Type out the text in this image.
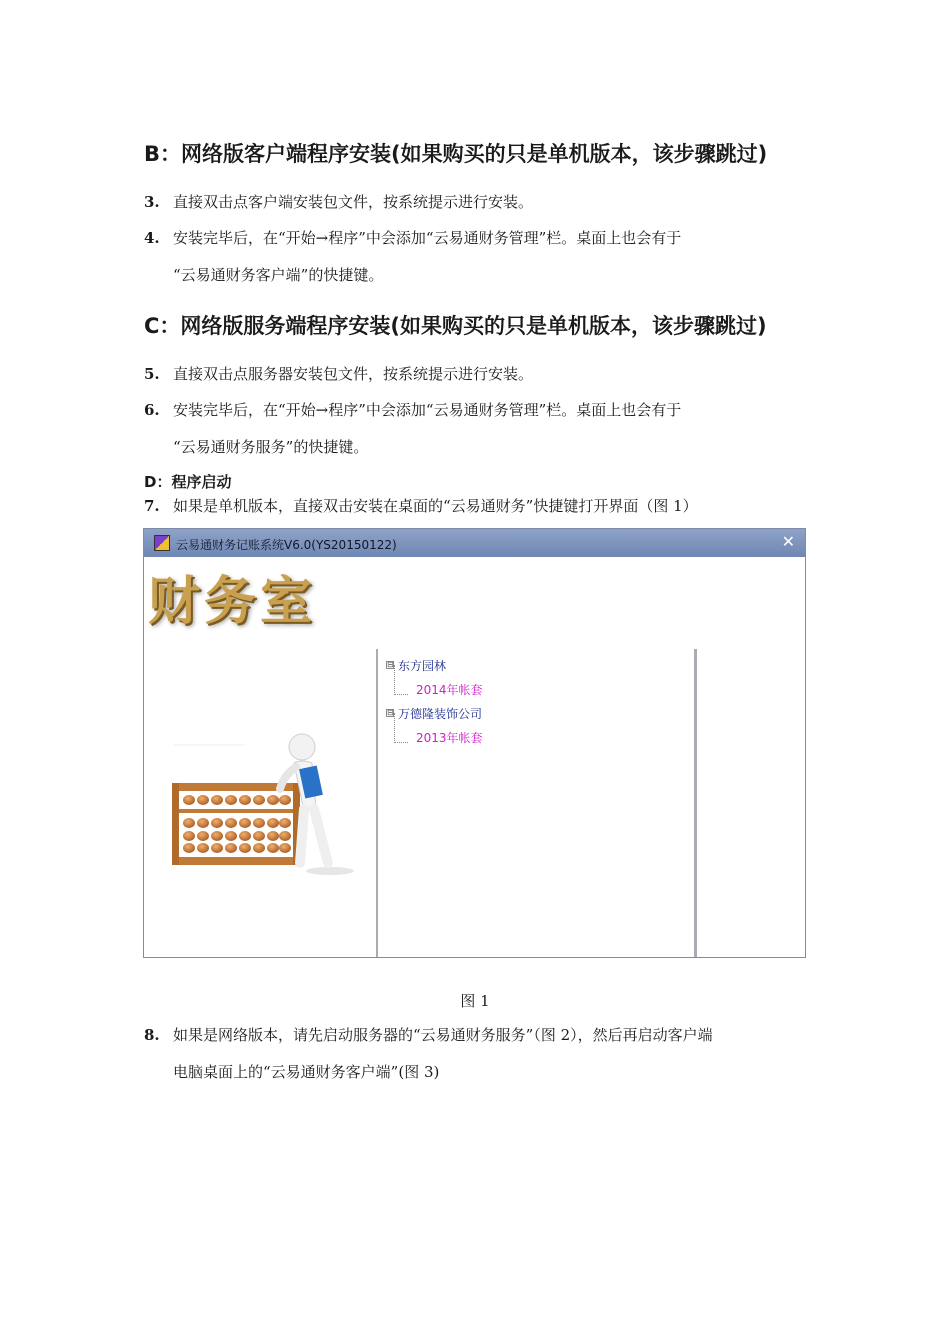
B：网络版客户端程序安装(如果购买的只是单机版本，该步骤跳过)
3. 直接双击点客户端安装包文件，按系统提示进行安装。
4. 安装完毕后，在“开始→程序”中会添加“云易通财务管理”栏。桌面上也会有于
“云易通财务客户端”的快捷键。
C：网络版服务端程序安装(如果购买的只是单机版本，该步骤跳过)
5. 直接双击点服务器安装包文件，按系统提示进行安装。
6. 安装完毕后，在“开始→程序”中会添加“云易通财务管理”栏。桌面上也会有于
“云易通财务服务”的快捷键。
D：程序启动
7. 如果是单机版本，直接双击安装在桌面的“云易通财务”快捷键打开界面（图 1）
云易通财务记账系统V6.0(YS20150122)	✕
财务室
⊟ 东方园林
2014年帐套
⊟ 万德隆装饰公司
2013年帐套
图 1
8. 如果是网络版本，请先启动服务器的“云易通财务服务”（图 2），然后再启动客户端
电脑桌面上的“云易通财务客户端”(图 3)
